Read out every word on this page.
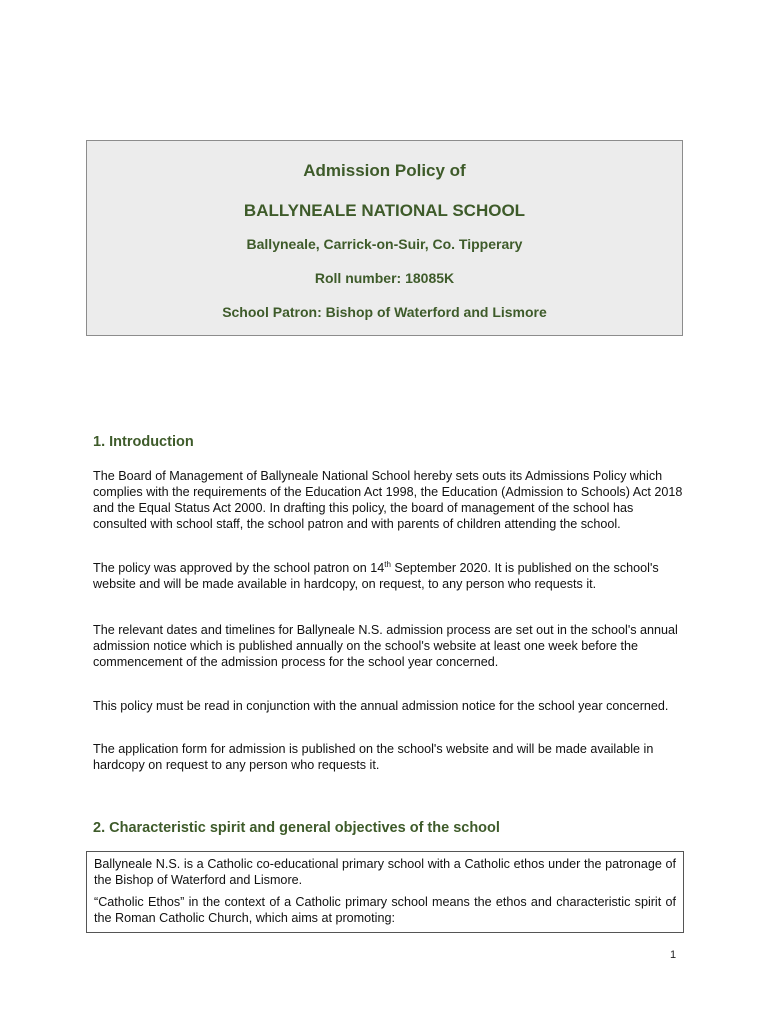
Admission Policy of
BALLYNEALE NATIONAL SCHOOL
Ballyneale, Carrick-on-Suir, Co. Tipperary
Roll number: 18085K
School Patron: Bishop of Waterford and Lismore
1. Introduction
The Board of Management of Ballyneale National School hereby sets outs its Admissions Policy which complies with the requirements of the Education Act 1998, the Education (Admission to Schools) Act 2018 and the Equal Status Act 2000. In drafting this policy, the board of management of the school has consulted with school staff, the school patron and with parents of children attending the school.
The policy was approved by the school patron on 14th September 2020. It is published on the school's website and will be made available in hardcopy, on request, to any person who requests it.
The relevant dates and timelines for Ballyneale N.S. admission process are set out in the school's annual admission notice which is published annually on the school's website at least one week before the commencement of the admission process for the school year concerned.
This policy must be read in conjunction with the annual admission notice for the school year concerned.
The application form for admission is published on the school's website and will be made available in hardcopy on request to any person who requests it.
2. Characteristic spirit and general objectives of the school

Ballyneale N.S. is a Catholic co-educational primary school with a Catholic ethos under the patronage of the Bishop of Waterford and Lismore.

“Catholic Ethos” in the context of a Catholic primary school means the ethos and characteristic spirit of the Roman Catholic Church, which aims at promoting:

1
